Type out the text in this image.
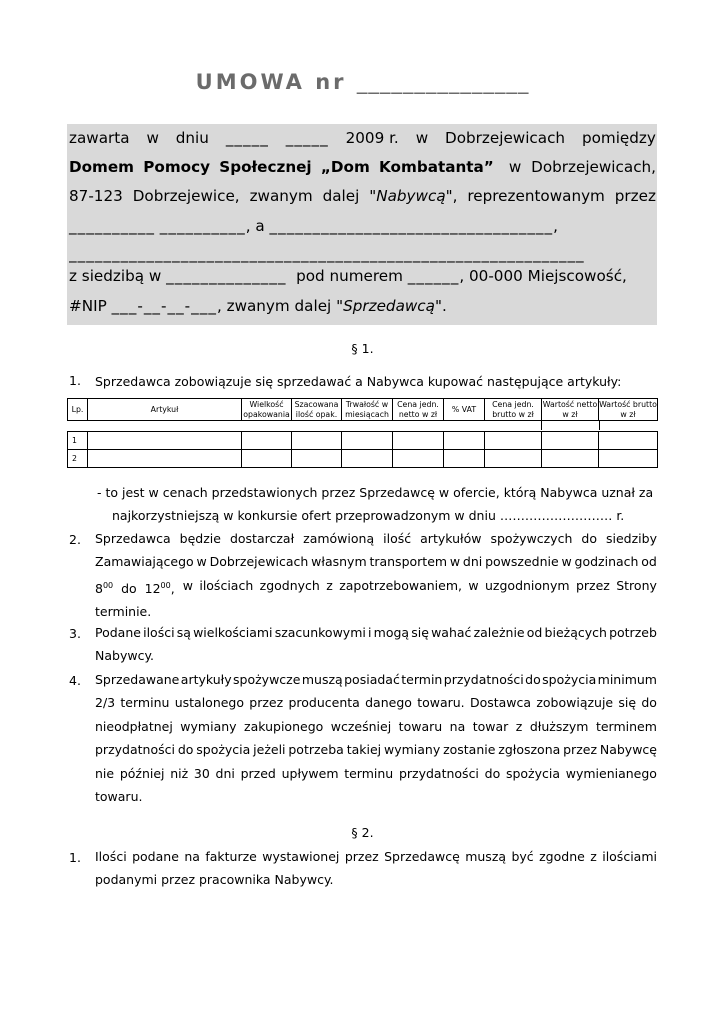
UMOWA nr _______________
zawarta w dniu _____ _____ 2009 r. w Dobrzejewicach pomiędzy
Domem Pomocy Społecznej „Dom Kombatanta” w Dobrzejewicach,
87-123 Dobrzejewice, zwanym dalej "Nabywcą", reprezentowanym przez
__________ __________, a _________________________________,
____________________________________________________________
z siedzibą w ______________ pod numerem ______, 00-000 Miejscowość,
#NIP ___-__-__-___, zwanym dalej "Sprzedawcą".
§ 1.
1. Sprzedawca zobowiązuje się sprzedawać a Nabywca kupować następujące artykuły:
Lp.	Artykuł	Wielkość opakowania	Szacowana ilość opak.	Trwałość w miesiącach	Cena jedn. netto w zł	% VAT	Cena jedn. brutto w zł	Wartość netto w zł	Wartość brutto w zł
1									
2									
- to jest w cenach przedstawionych przez Sprzedawcę w ofercie, którą Nabywca uznał za
najkorzystniejszą w konkursie ofert przeprowadzonym w dniu ……………………… r.
2. Sprzedawca będzie dostarczał zamówioną ilość artykułów spożywczych do siedziby
Zamawiającego w Dobrzejewicach własnym transportem w dni powszednie w godzinach od
$8^{00}$ do $12^{00}$, w ilościach zgodnych z zapotrzebowaniem, w uzgodnionym przez Strony
terminie.
3. Podane ilości są wielkościami szacunkowymi i mogą się wahać zależnie od bieżących potrzeb
Nabywcy.
4. Sprzedawane artykuły spożywcze muszą posiadać termin przydatności do spożycia minimum
2/3 terminu ustalonego przez producenta danego towaru. Dostawca zobowiązuje się do
nieodpłatnej wymiany zakupionego wcześniej towaru na towar z dłuższym terminem
przydatności do spożycia jeżeli potrzeba takiej wymiany zostanie zgłoszona przez Nabywcę
nie później niż 30 dni przed upływem terminu przydatności do spożycia wymienianego
towaru.
§ 2.
1. Ilości podane na fakturze wystawionej przez Sprzedawcę muszą być zgodne z ilościami
podanymi przez pracownika Nabywcy.
